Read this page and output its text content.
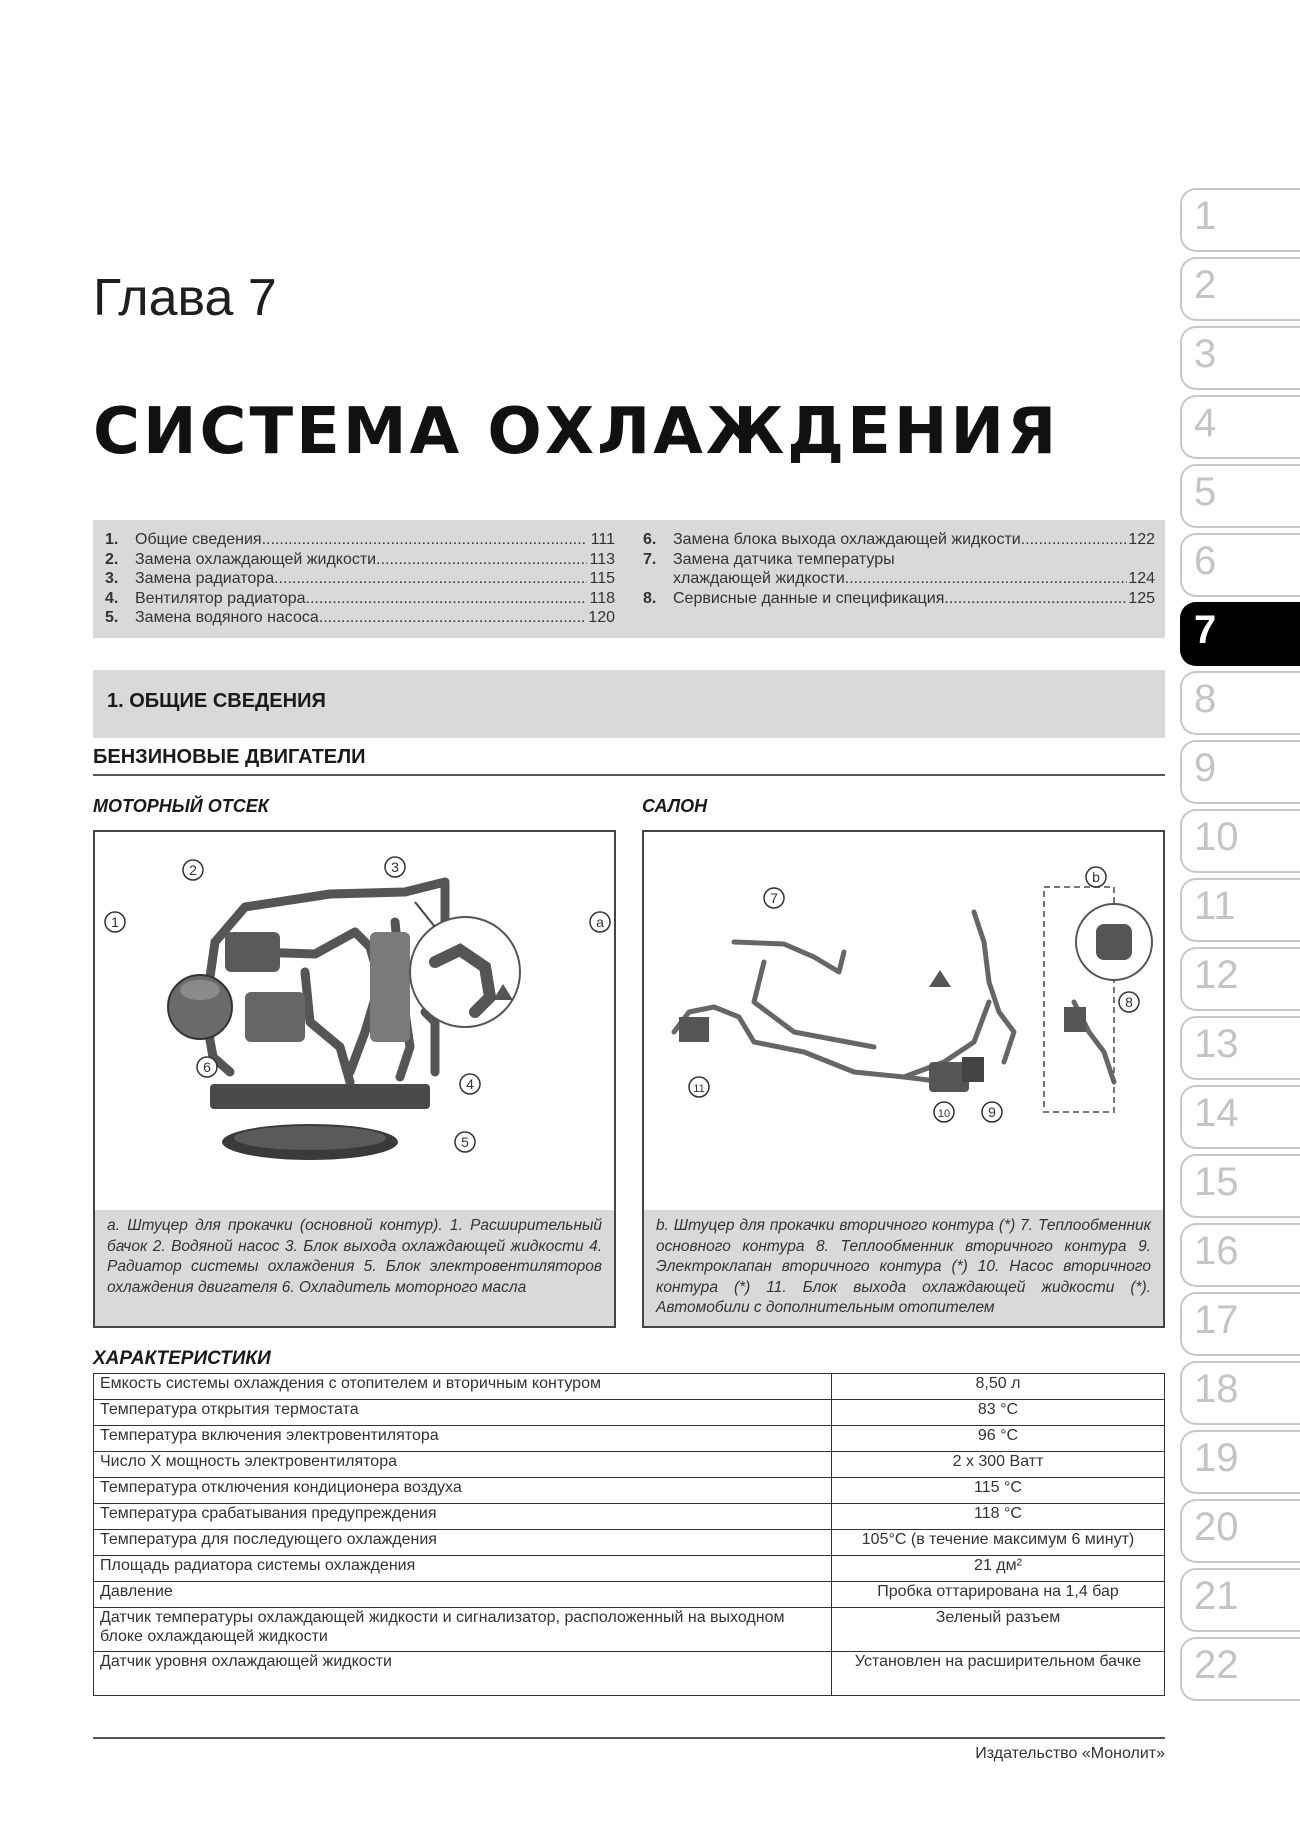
1
2
3
4
5
6
7
8
9
10
11
12
13
14
15
16
17
18
19
20
21
22
Глава 7
СИСТЕМА ОХЛАЖДЕНИЯ
1.	Общие сведения .....	111
2.	Замена охлаждающей жидкости .....	113
3.	Замена радиатора .....	115
4.	Вентилятор радиатора .....	118
5.	Замена водяного насоса .....	120
6.	Замена блока выхода охлаждающей жидкости .....	122
7.	Замена датчика температуры
хлаждающей жидкости .....	124
8.	Сервисные данные и спецификация .....	125
1. ОБЩИЕ СВЕДЕНИЯ
БЕНЗИНОВЫЕ ДВИГАТЕЛИ
МОТОРНЫЙ ОТСЕК	САЛОН
1
2	3
4
5
6
a
a. Штуцер для прокачки (основной контур). 1. Расширительный бачок 2. Водяной насос 3. Блок выхода охлаждающей жидкости 4. Радиатор системы охлаждения 5. Блок электровентиляторов охлаждения двигателя 6. Охладитель моторного масла
7
8
9
10
11
b
b. Штуцер для прокачки вторичного контура (*) 7. Теплообменник основного контура 8. Теплообменник вторичного контура 9. Электроклапан вторичного контура (*) 10. Насос вторичного контура (*) 11. Блок выхода охлаждающей жидкости (*). Автомобили с дополнительным отопителем
ХАРАКТЕРИСТИКИ
Емкость системы охлаждения с отопителем и вторичным контуром	8,50 л
Температура открытия термостата	83 °C
Температура включения электровентилятора	96 °C
Число X мощность электровентилятора	2 x 300 Ватт
Температура отключения кондиционера воздуха	115 °C
Температура срабатывания предупреждения	118 °C
Температура для последующего охлаждения	105°C (в течение максимум 6 минут)
Площадь радиатора системы охлаждения	21 дм²
Давление	Пробка оттарирована на 1,4 бар
Датчик температуры охлаждающей жидкости и сигнализатор, расположенный на выходном блоке охлаждающей жидкости	Зеленый разъем
Датчик уровня охлаждающей жидкости	Установлен на расширительном бачке
Издательство «Монолит»
